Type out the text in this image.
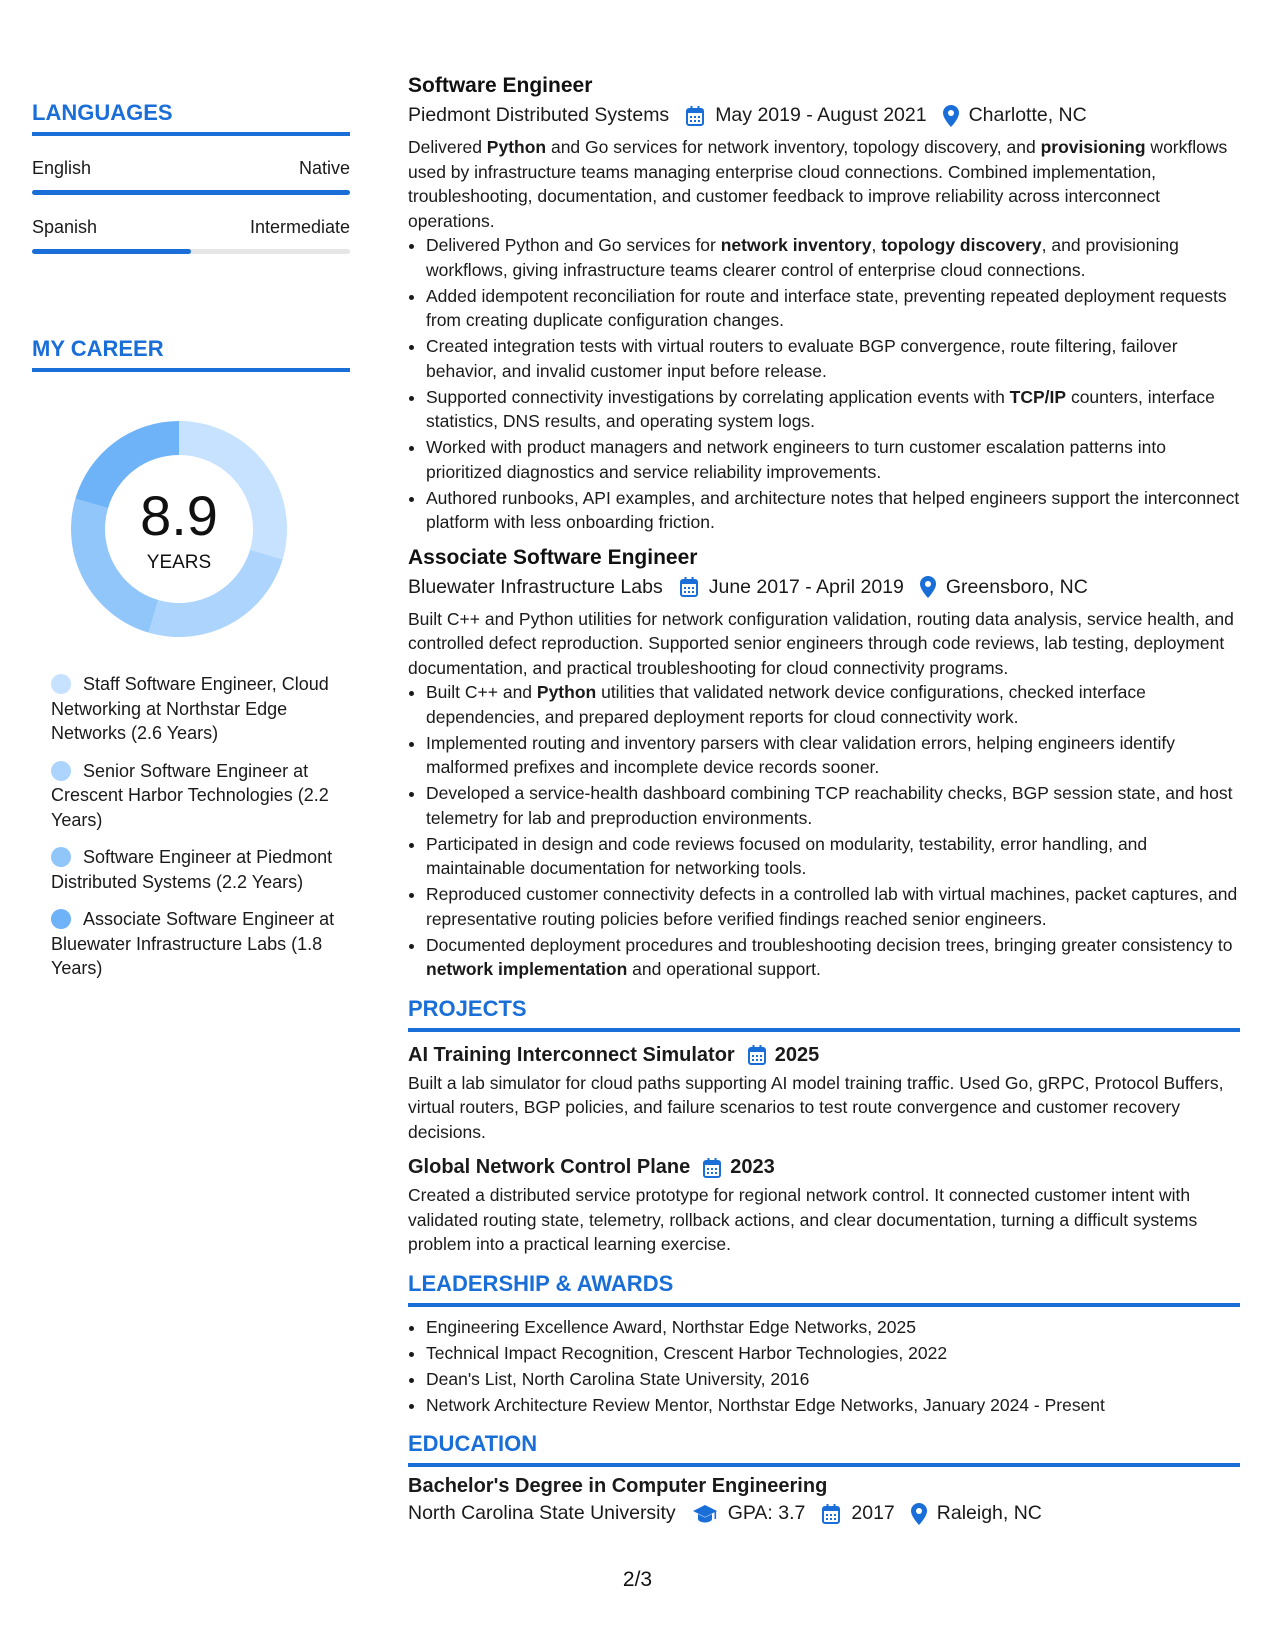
LANGUAGES
English	Native
Spanish	Intermediate
MY CAREER
8.9
YEARS
Staff Software Engineer, Cloud Networking at Northstar Edge Networks (2.6 Years)
Senior Software Engineer at Crescent Harbor Technologies (2.2 Years)
Software Engineer at Piedmont Distributed Systems (2.2 Years)
Associate Software Engineer at Bluewater Infrastructure Labs (1.8 Years)
Software Engineer
Piedmont Distributed Systems May 2019 - August 2021 Charlotte, NC
Delivered Python and Go services for network inventory, topology discovery, and provisioning workflows used by infrastructure teams managing enterprise cloud connections. Combined implementation, troubleshooting, documentation, and customer feedback to improve reliability across interconnect operations.
• Delivered Python and Go services for network inventory, topology discovery, and provisioning workflows, giving infrastructure teams clearer control of enterprise cloud connections.
• Added idempotent reconciliation for route and interface state, preventing repeated deployment requests from creating duplicate configuration changes.
• Created integration tests with virtual routers to evaluate BGP convergence, route filtering, failover behavior, and invalid customer input before release.
• Supported connectivity investigations by correlating application events with TCP/IP counters, interface statistics, DNS results, and operating system logs.
• Worked with product managers and network engineers to turn customer escalation patterns into prioritized diagnostics and service reliability improvements.
• Authored runbooks, API examples, and architecture notes that helped engineers support the interconnect platform with less onboarding friction.
Associate Software Engineer
Bluewater Infrastructure Labs June 2017 - April 2019 Greensboro, NC
Built C++ and Python utilities for network configuration validation, routing data analysis, service health, and controlled defect reproduction. Supported senior engineers through code reviews, lab testing, deployment documentation, and practical troubleshooting for cloud connectivity programs.
• Built C++ and Python utilities that validated network device configurations, checked interface dependencies, and prepared deployment reports for cloud connectivity work.
• Implemented routing and inventory parsers with clear validation errors, helping engineers identify malformed prefixes and incomplete device records sooner.
• Developed a service-health dashboard combining TCP reachability checks, BGP session state, and host telemetry for lab and preproduction environments.
• Participated in design and code reviews focused on modularity, testability, error handling, and maintainable documentation for networking tools.
• Reproduced customer connectivity defects in a controlled lab with virtual machines, packet captures, and representative routing policies before verified findings reached senior engineers.
• Documented deployment procedures and troubleshooting decision trees, bringing greater consistency to network implementation and operational support.
PROJECTS
AI Training Interconnect Simulator 2025
Built a lab simulator for cloud paths supporting AI model training traffic. Used Go, gRPC, Protocol Buffers, virtual routers, BGP policies, and failure scenarios to test route convergence and customer recovery decisions.
Global Network Control Plane 2023
Created a distributed service prototype for regional network control. It connected customer intent with validated routing state, telemetry, rollback actions, and clear documentation, turning a difficult systems problem into a practical learning exercise.
LEADERSHIP & AWARDS
• Engineering Excellence Award, Northstar Edge Networks, 2025
• Technical Impact Recognition, Crescent Harbor Technologies, 2022
• Dean's List, North Carolina State University, 2016
• Network Architecture Review Mentor, Northstar Edge Networks, January 2024 - Present
EDUCATION
Bachelor's Degree in Computer Engineering
North Carolina State University	GPA: 3.7 2017 Raleigh, NC
2/3
